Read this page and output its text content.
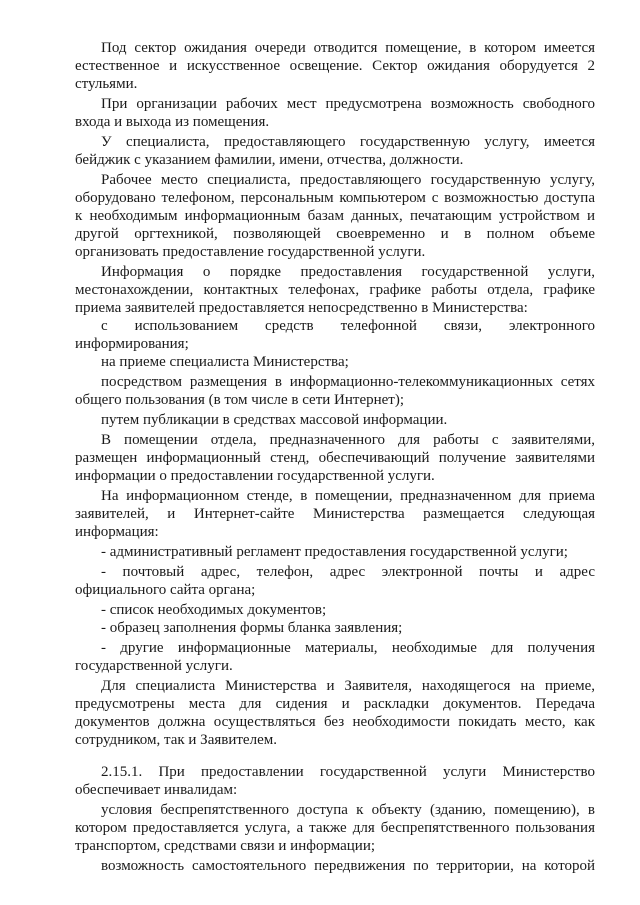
Под сектор ожидания очереди отводится помещение, в котором имеется
естественное и искусственное освещение. Сектор ожидания оборудуется 2
стульями.
При организации рабочих мест предусмотрена возможность свободного
входа и выхода из помещения.
У специалиста, предоставляющего государственную услугу, имеется
бейджик с указанием фамилии, имени, отчества, должности.
Рабочее место специалиста, предоставляющего государственную услугу,
оборудовано телефоном, персональным компьютером с возможностью доступа
к необходимым информационным базам данных, печатающим устройством и
другой оргтехникой, позволяющей своевременно и в полном объеме
организовать предоставление государственной услуги.
Информация о порядке предоставления государственной услуги,
местонахождении, контактных телефонах, графике работы отдела, графике
приема заявителей предоставляется непосредственно в Министерства:
с использованием средств телефонной связи, электронного
информирования;
на приеме специалиста Министерства;
посредством размещения в информационно-телекоммуникационных сетях
общего пользования (в том числе в сети Интернет);
путем публикации в средствах массовой информации.
В помещении отдела, предназначенного для работы с заявителями,
размещен информационный стенд, обеспечивающий получение заявителями
информации о предоставлении государственной услуги.
На информационном стенде, в помещении, предназначенном для приема
заявителей, и Интернет-сайте Министерства размещается следующая
информация:
- административный регламент предоставления государственной услуги;
- почтовый адрес, телефон, адрес электронной почты и адрес
официального сайта органа;
- список необходимых документов;
- образец заполнения формы бланка заявления;
- другие информационные материалы, необходимые для получения
государственной услуги.
Для специалиста Министерства и Заявителя, находящегося на приеме,
предусмотрены места для сидения и раскладки документов. Передача
документов должна осуществляться без необходимости покидать место, как
сотрудником, так и Заявителем.
2.15.1. При предоставлении государственной услуги Министерство
обеспечивает инвалидам:
условия беспрепятственного доступа к объекту (зданию, помещению), в
котором предоставляется услуга, а также для беспрепятственного пользования
транспортом, средствами связи и информации;
возможность самостоятельного передвижения по территории, на которой
